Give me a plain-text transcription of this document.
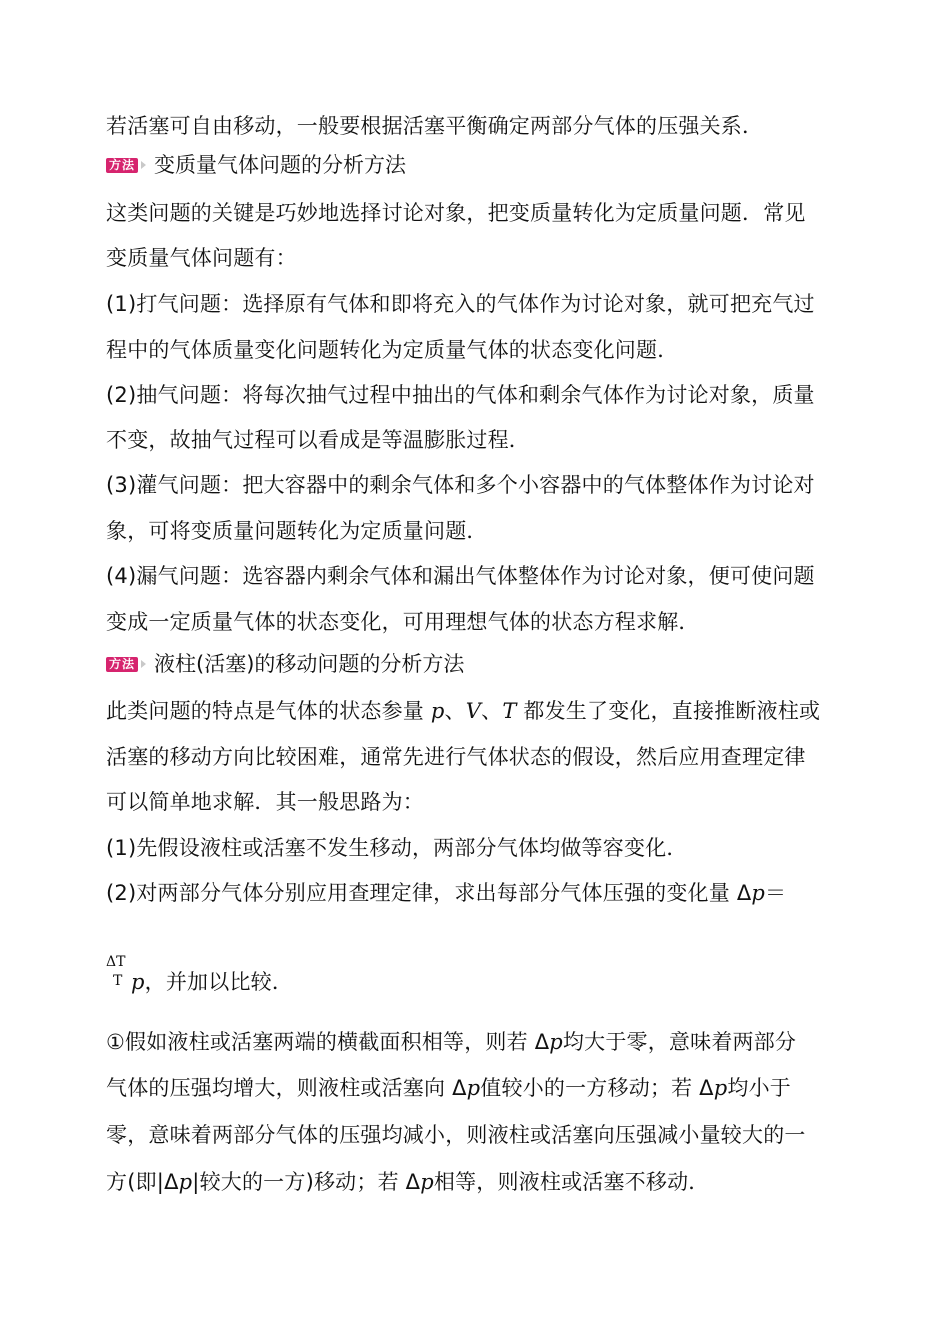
若活塞可自由移动，一般要根据活塞平衡确定两部分气体的压强关系．
方法 变质量气体问题的分析方法
这类问题的关键是巧妙地选择讨论对象，把变质量转化为定质量问题．常见
变质量气体问题有：
(1)打气问题：选择原有气体和即将充入的气体作为讨论对象，就可把充气过
程中的气体质量变化问题转化为定质量气体的状态变化问题．
(2)抽气问题：将每次抽气过程中抽出的气体和剩余气体作为讨论对象，质量
不变，故抽气过程可以看成是等温膨胀过程．
(3)灌气问题：把大容器中的剩余气体和多个小容器中的气体整体作为讨论对
象，可将变质量问题转化为定质量问题．
(4)漏气问题：选容器内剩余气体和漏出气体整体作为讨论对象，便可使问题
变成一定质量气体的状态变化，可用理想气体的状态方程求解．
方法 液柱(活塞)的移动问题的分析方法
此类问题的特点是气体的状态参量 p、V、T 都发生了变化，直接推断液柱或
活塞的移动方向比较困难，通常先进行气体状态的假设，然后应用查理定律
可以简单地求解．其一般思路为：
(1)先假设液柱或活塞不发生移动，两部分气体均做等容变化．
(2)对两部分气体分别应用查理定律，求出每部分气体压强的变化量 Δp＝
ΔT
T p，并加以比较．
①假如液柱或活塞两端的横截面积相等，则若 Δp均大于零，意味着两部分
气体的压强均增大，则液柱或活塞向 Δp值较小的一方移动；若 Δp均小于
零，意味着两部分气体的压强均减小，则液柱或活塞向压强减小量较大的一
方(即|Δp|较大的一方)移动；若 Δp相等，则液柱或活塞不移动．
